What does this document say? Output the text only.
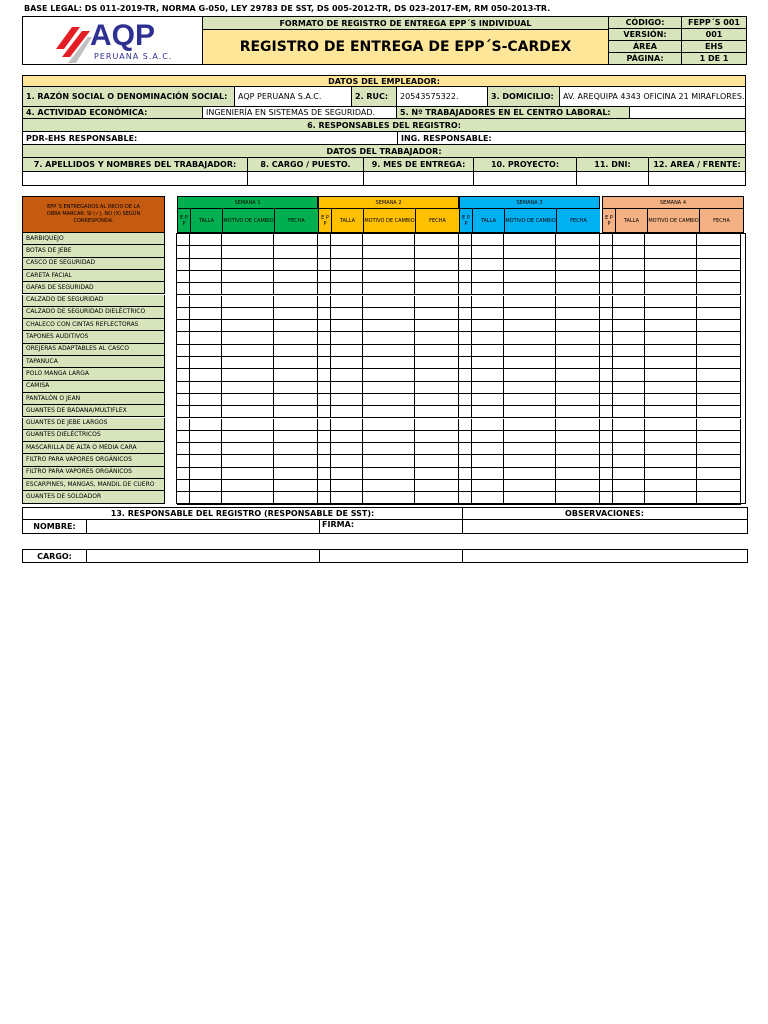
BASE LEGAL: DS 011-2019-TR, NORMA G-050, LEY 29783 DE SST, DS 005-2012-TR, DS 023-2017-EM, RM 050-2013-TR.
AQP
PERUANA S.A.C.
FORMATO DE REGISTRO DE ENTREGA EPP´S INDIVIDUAL
REGISTRO DE ENTREGA DE EPP´S-CARDEX
CÓDIGO:	FEPP´S 001
VERSIÓN:	001
ÁREA	EHS
PÁGINA:	1 DE 1
DATOS DEL EMPLEADOR:
1. RAZÓN SOCIAL O DENOMINACIÓN SOCIAL:	AQP PERUANA S.A.C.	2. RUC:	20543575322.	3. DOMICILIO:	AV. AREQUIPA 4343 OFICINA 21 MIRAFLORES.
4. ACTIVIDAD ECONÓMICA:	INGENIERÍA EN SISTEMAS DE SEGURIDAD.	5. Nº TRABAJADORES EN EL CENTRO LABORAL:
6. RESPONSABLES DEL REGISTRO:
PDR-EHS RESPONSABLE:	ING. RESPONSABLE:
DATOS DEL TRABAJADOR:
7. APELLIDOS Y NOMBRES DEL TRABAJADOR:	8. CARGO / PUESTO.	9. MES DE ENTREGA:	10. PROYECTO:	11. DNI:	12. AREA / FRENTE:
EPP´S ENTREGADOS AL INICIO DE LA OBRA MARCAR: SI (✓), NO (X) SEGÚN CORRESPONDA.
BARBIQUEJO
BOTAS DE JEBE
CASCO DE SEGURIDAD
CARETA FACIAL
GAFAS DE SEGURIDAD
CALZADO DE SEGURIDAD
CALZADO DE SEGURIDAD DIELÉCTRICO
CHALECO CON CINTAS REFLECTORAS
TAPONES AUDITIVOS
OREJERAS ADAPTABLES AL CASCO
TAPANUCA
POLO MANGA LARGA
CAMISA
PANTALÓN O JEAN
GUANTES DE BADANA/MULTIFLEX
GUANTES DE JEBE LARGOS
GUANTES DIELÉCTRICOS
MASCARILLA DE ALTA O MEDIA CARA
FILTRO PARA VAPORES ORGÁNICOS
FILTRO PARA VAPORES ORGÁNICOS
ESCARPINES, MANGAS, MANDIL DE CUERO
GUANTES DE SOLDADOR
SEMANA 1
E P P	TALLA	MOTIVO DE CAMBIO	FECHA
SEMANA 2
E P P	TALLA	MOTIVO DE CAMBIO	FECHA
SEMANA 3
E P P	TALLA	MOTIVO DE CAMBIO	FECHA
SEMANA 4
E P P	TALLA	MOTIVO DE CAMBIO	FECHA
13. RESPONSABLE DEL REGISTRO (RESPONSABLE DE SST):	OBSERVACIONES:
NOMBRE:	FIRMA:
CARGO:
